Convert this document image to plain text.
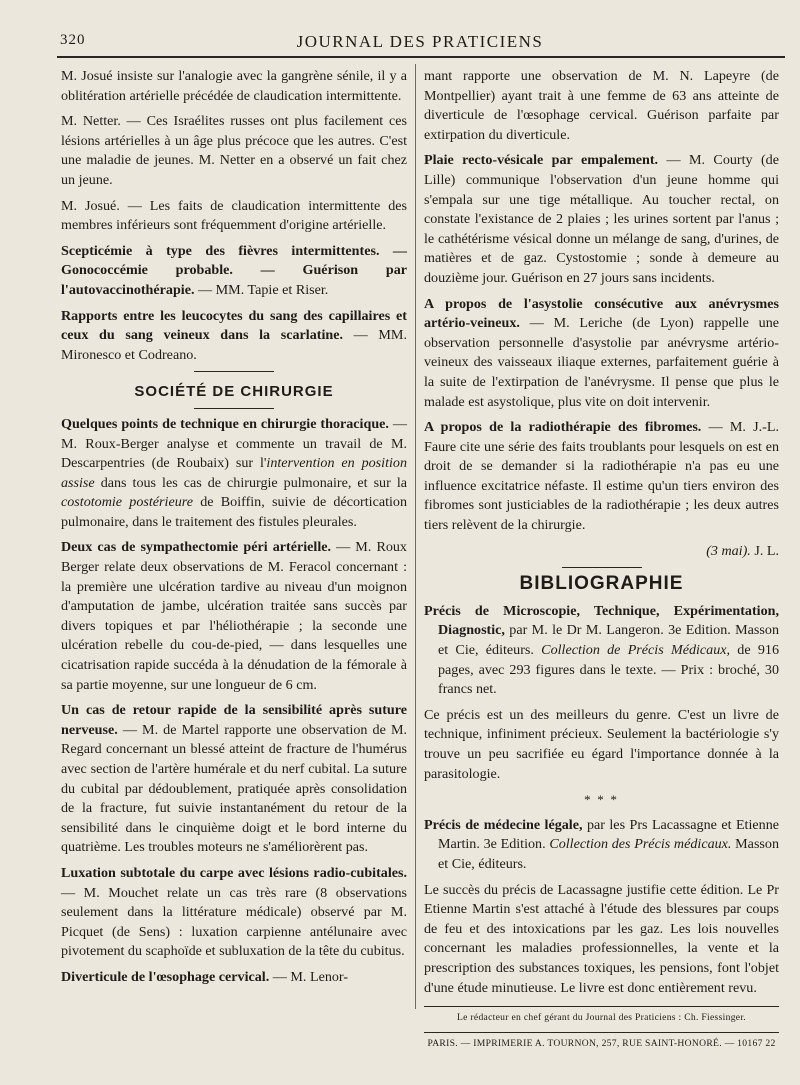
320	JOURNAL DES PRATICIENS

M. Josué insiste sur l'analogie avec la gangrène sénile, il y a oblitération artérielle précédée de claudication intermittente.

M. Netter. — Ces Israélites russes ont plus facilement ces lésions artérielles à un âge plus précoce que les autres. C'est une maladie de jeunes. M. Netter en a observé un fait chez un jeune.

M. Josué. — Les faits de claudication intermittente des membres inférieurs sont fréquemment d'origine artérielle.

Scepticémie à type des fièvres intermittentes. — Gonococcémie probable. — Guérison par l'autovaccinothérapie. — MM. Tapie et Riser.

Rapports entre les leucocytes du sang des capillaires et ceux du sang veineux dans la scarlatine. — MM. Mironesco et Codreano.

SOCIÉTÉ DE CHIRURGIE

Quelques points de technique en chirurgie thoracique. — M. Roux-Berger analyse et commente un travail de M. Descarpentries (de Roubaix) sur l'intervention en position assise dans tous les cas de chirurgie pulmonaire, et sur la costotomie postérieure de Boiffin, suivie de décortication pulmonaire, dans le traitement des fistules pleurales.

Deux cas de sympathectomie péri artérielle. — M. Roux Berger relate deux observations de M. Feracol concernant : la première une ulcération tardive au niveau d'un moignon d'amputation de jambe, ulcération traitée sans succès par divers topiques et par l'héliothérapie ; la seconde une ulcération rebelle du cou-de-pied, — dans lesquelles une cicatrisation rapide succéda à la dénudation de la fémorale à sa partie moyenne, sur une longueur de 6 cm.

Un cas de retour rapide de la sensibilité après suture nerveuse. — M. de Martel rapporte une observation de M. Regard concernant un blessé atteint de fracture de l'humérus avec section de l'artère humérale et du nerf cubital. La suture du cubital par dédoublement, pratiquée après consolidation de la fracture, fut suivie instantanément du retour de la sensibilité dans le cinquième doigt et le bord interne du quatrième. Les troubles moteurs ne s'améliorèrent pas.

Luxation subtotale du carpe avec lésions radio-cubitales. — M. Mouchet relate un cas très rare (8 observations seulement dans la littérature médicale) observé par M. Picquet (de Sens) : luxation carpienne antélunaire avec pivotement du scaphoïde et subluxation de la tête du cubitus.

Diverticule de l'œsophage cervical. — M. Lenor-

mant rapporte une observation de M. N. Lapeyre (de Montpellier) ayant trait à une femme de 63 ans atteinte de diverticule de l'œsophage cervical. Guérison parfaite par extirpation du diverticule.

Plaie recto-vésicale par empalement. — M. Courty (de Lille) communique l'observation d'un jeune homme qui s'empala sur une tige métallique. Au toucher rectal, on constate l'existance de 2 plaies ; les urines sortent par l'anus ; le cathétérisme vésical donne un mélange de sang, d'urines, de matières et de gaz. Cystostomie ; sonde à demeure au douzième jour. Guérison en 27 jours sans incidents.

A propos de l'asystolie consécutive aux anévrysmes artério-veineux. — M. Leriche (de Lyon) rappelle une observation personnelle d'asystolie par anévrysme artério-veineux des vaisseaux iliaque externes, parfaitement guérie à la suite de l'extirpation de l'anévrysme. Il pense que plus le malade est asystolique, plus vite on doit intervenir.

A propos de la radiothérapie des fibromes. — M. J.-L. Faure cite une série des faits troublants pour lesquels on est en droit de se demander si la radiothérapie n'a pas eu une influence excitatrice néfaste. Il estime qu'un tiers environ des fibromes sont justiciables de la radiothérapie ; les deux autres tiers relèvent de la chirurgie.

(3 mai). J. L.

BIBLIOGRAPHIE

Précis de Microscopie, Technique, Expérimentation, Diagnostic, par M. le Dr M. Langeron. 3e Edition. Masson et Cie, éditeurs. Collection de Précis Médicaux, de 916 pages, avec 293 figures dans le texte. — Prix : broché, 30 francs net.

Ce précis est un des meilleurs du genre. C'est un livre de technique, infiniment précieux. Seulement la bactériologie s'y trouve un peu sacrifiée eu égard l'importance donnée à la parasitologie.

* * *

Précis de médecine légale, par les Prs Lacassagne et Etienne Martin. 3e Edition. Collection des Précis médicaux. Masson et Cie, éditeurs.

Le succès du précis de Lacassagne justifie cette édition. Le Pr Etienne Martin s'est attaché à l'étude des blessures par coups de feu et des intoxications par les gaz. Les lois nouvelles concernant les maladies professionnelles, la vente et la prescription des substances toxiques, les pensions, font l'objet d'une étude minutieuse. Le livre est donc entièrement revu.

Le rédacteur en chef gérant du Journal des Praticiens : Ch. Fiessinger.
PARIS. — IMPRIMERIE A. TOURNON, 257, RUE SAINT-HONORÉ. — 10167 22
